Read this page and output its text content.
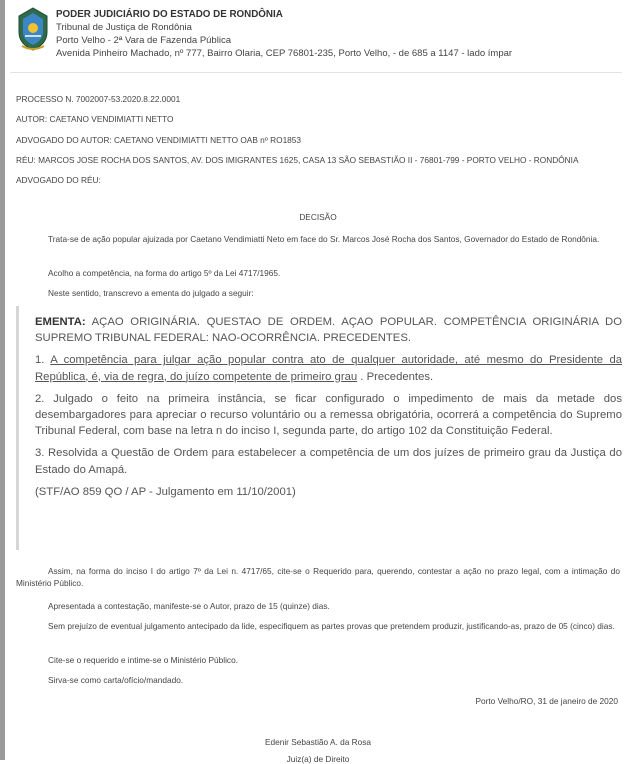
PODER JUDICIÁRIO DO ESTADO DE RONDÔNIA
Tribunal de Justiça de Rondônia
Porto Velho - 2ª Vara de Fazenda Pública
Avenida Pinheiro Machado, nº 777, Bairro Olaria, CEP 76801-235, Porto Velho, - de 685 a 1147 - lado ímpar
PROCESSO N. 7002007-53.2020.8.22.0001
AUTOR: CAETANO VENDIMIATTI NETTO
ADVOGADO DO AUTOR: CAETANO VENDIMIATTI NETTO OAB nº RO1853
RÉU: MARCOS JOSE ROCHA DOS SANTOS, AV. DOS IMIGRANTES 1625, CASA 13 SÃO SEBASTIÃO II - 76801-799 - PORTO VELHO - RONDÔNIA
ADVOGADO DO RÉU:
DECISÃO
Trata-se de ação popular ajuizada por Caetano Vendimiatti Neto em face do Sr. Marcos José Rocha dos Santos, Governador do Estado de Rondônia.
Acolho a competência, na forma do artigo 5º da Lei 4717/1965.
Neste sentido, transcrevo a ementa do julgado a seguir:

EMENTA: AÇAO ORIGINÁRIA. QUESTAO DE ORDEM. AÇAO POPULAR. COMPETÊNCIA ORIGINÁRIA DO SUPREMO TRIBUNAL FEDERAL: NAO-OCORRÊNCIA. PRECEDENTES.

1. A competência para julgar ação popular contra ato de qualquer autoridade, até mesmo do Presidente da República, é, via de regra, do juízo competente de primeiro grau . Precedentes.

2. Julgado o feito na primeira instância, se ficar configurado o impedimento de mais da metade dos desembargadores para apreciar o recurso voluntário ou a remessa obrigatória, ocorrerá a competência do Supremo Tribunal Federal, com base na letra n do inciso I, segunda parte, do artigo 102 da Constituição Federal.

3. Resolvida a Questão de Ordem para estabelecer a competência de um dos juízes de primeiro grau da Justiça do Estado do Amapá.

(STF/AO 859 QO / AP - Julgamento em 11/10/2001)

Assim, na forma do inciso I do artigo 7º da Lei n. 4717/65, cite-se o Requerido para, querendo, contestar a ação no prazo legal, com a intimação do Ministério Público.
Apresentada a contestação, manifeste-se o Autor, prazo de 15 (quinze) dias.
Sem prejuízo de eventual julgamento antecipado da lide, especifiquem as partes provas que pretendem produzir, justificando-as, prazo de 05 (cinco) dias.
Cite-se o requerido e intime-se o Ministério Público.
Sirva-se como carta/ofício/mandado.
Porto Velho/RO, 31 de janeiro de 2020
Edenir Sebastião A. da Rosa
Juiz(a) de Direito
